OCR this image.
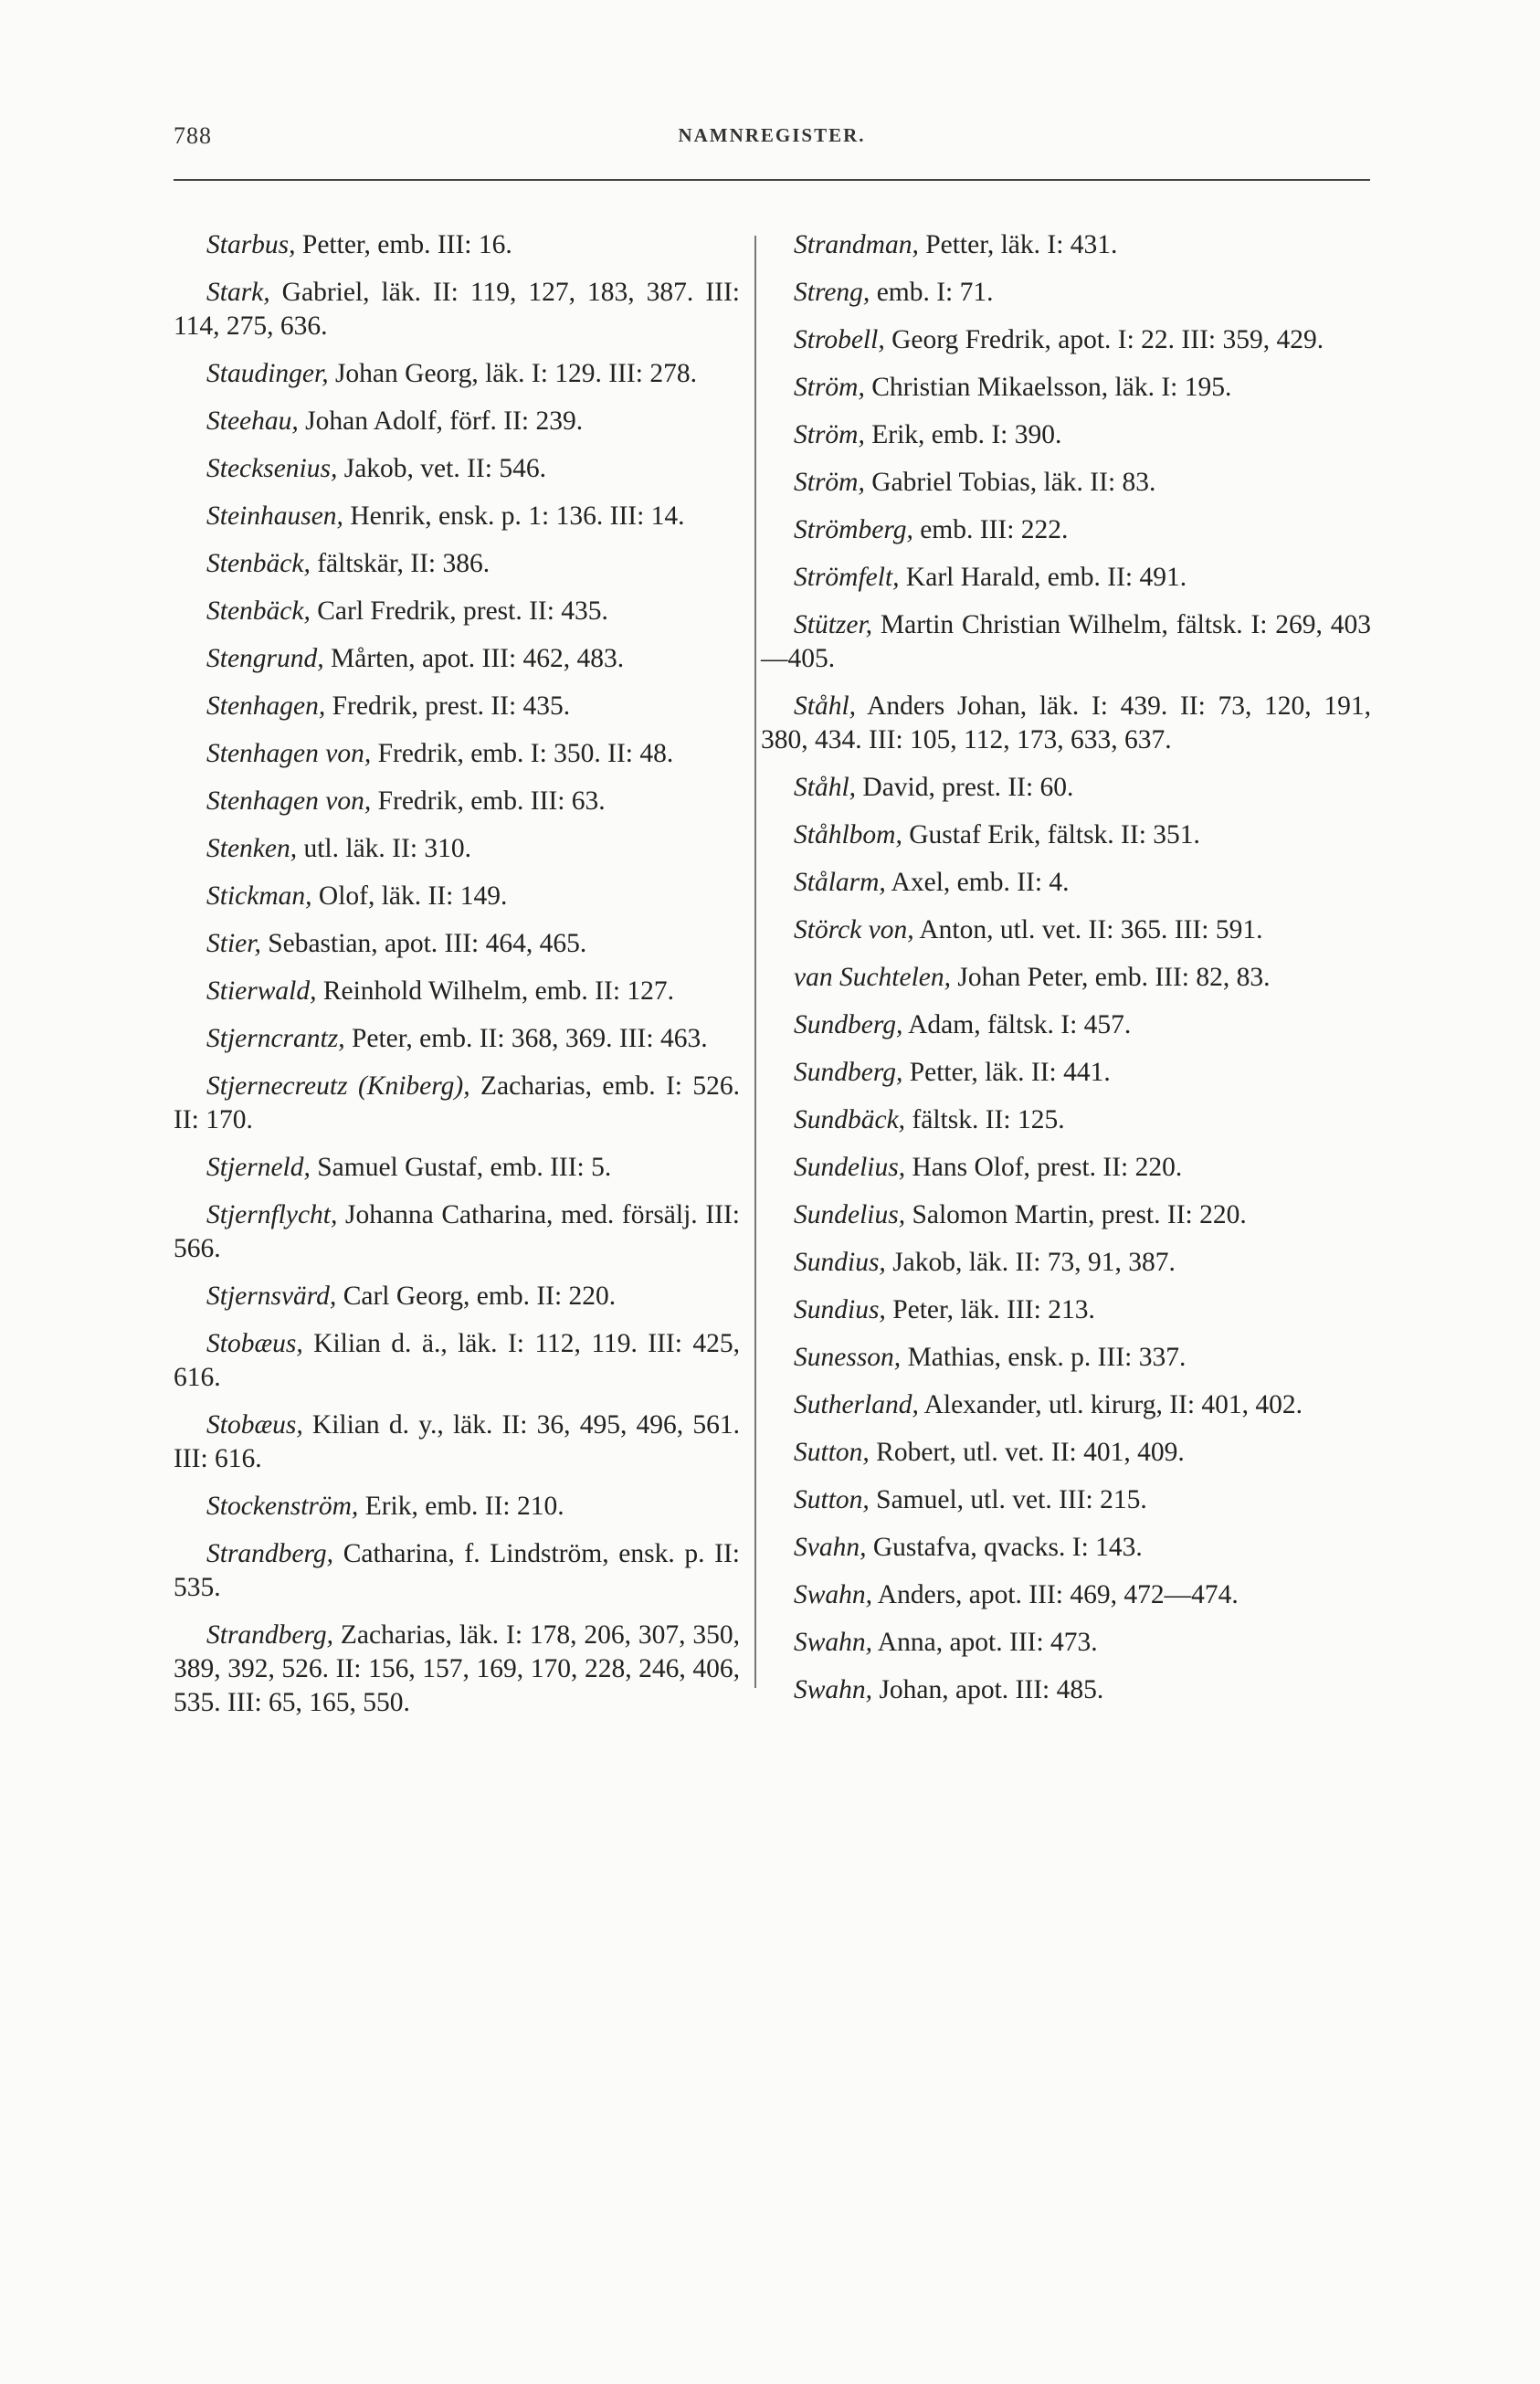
788	NAMNREGISTER.

Starbus, Petter, emb. III: 16.

Stark, Gabriel, läk. II: 119, 127, 183, 387. III: 114, 275, 636.

Staudinger, Johan Georg, läk. I: 129. III: 278.

Steehau, Johan Adolf, förf. II: 239.

Stecksenius, Jakob, vet. II: 546.

Steinhausen, Henrik, ensk. p. 1: 136. III: 14.

Stenbäck, fältskär, II: 386.

Stenbäck, Carl Fredrik, prest. II: 435.

Stengrund, Mårten, apot. III: 462, 483.

Stenhagen, Fredrik, prest. II: 435.

Stenhagen von, Fredrik, emb. I: 350. II: 48.

Stenhagen von, Fredrik, emb. III: 63.

Stenken, utl. läk. II: 310.

Stickman, Olof, läk. II: 149.

Stier, Sebastian, apot. III: 464, 465.

Stierwald, Reinhold Wilhelm, emb. II: 127.

Stjerncrantz, Peter, emb. II: 368, 369. III: 463.

Stjernecreutz (Kniberg), Zacharias, emb. I: 526. II: 170.

Stjerneld, Samuel Gustaf, emb. III: 5.

Stjernflycht, Johanna Catharina, med. försälj. III: 566.

Stjernsvärd, Carl Georg, emb. II: 220.

Stobæus, Kilian d. ä., läk. I: 112, 119. III: 425, 616.

Stobæus, Kilian d. y., läk. II: 36, 495, 496, 561. III: 616.

Stockenström, Erik, emb. II: 210.

Strandberg, Catharina, f. Lindström, ensk. p. II: 535.

Strandberg, Zacharias, läk. I: 178, 206, 307, 350, 389, 392, 526. II: 156, 157, 169, 170, 228, 246, 406, 535. III: 65, 165, 550.

Strandman, Petter, läk. I: 431.

Streng, emb. I: 71.

Strobell, Georg Fredrik, apot. I: 22. III: 359, 429.

Ström, Christian Mikaelsson, läk. I: 195.

Ström, Erik, emb. I: 390.

Ström, Gabriel Tobias, läk. II: 83.

Strömberg, emb. III: 222.

Strömfelt, Karl Harald, emb. II: 491.

Stützer, Martin Christian Wilhelm, fältsk. I: 269, 403—405.

Ståhl, Anders Johan, läk. I: 439. II: 73, 120, 191, 380, 434. III: 105, 112, 173, 633, 637.

Ståhl, David, prest. II: 60.

Ståhlbom, Gustaf Erik, fältsk. II: 351.

Stålarm, Axel, emb. II: 4.

Störck von, Anton, utl. vet. II: 365. III: 591.

van Suchtelen, Johan Peter, emb. III: 82, 83.

Sundberg, Adam, fältsk. I: 457.

Sundberg, Petter, läk. II: 441.

Sundbäck, fältsk. II: 125.

Sundelius, Hans Olof, prest. II: 220.

Sundelius, Salomon Martin, prest. II: 220.

Sundius, Jakob, läk. II: 73, 91, 387.

Sundius, Peter, läk. III: 213.

Sunesson, Mathias, ensk. p. III: 337.

Sutherland, Alexander, utl. kirurg, II: 401, 402.

Sutton, Robert, utl. vet. II: 401, 409.

Sutton, Samuel, utl. vet. III: 215.

Svahn, Gustafva, qvacks. I: 143.

Swahn, Anders, apot. III: 469, 472—474.

Swahn, Anna, apot. III: 473.

Swahn, Johan, apot. III: 485.
